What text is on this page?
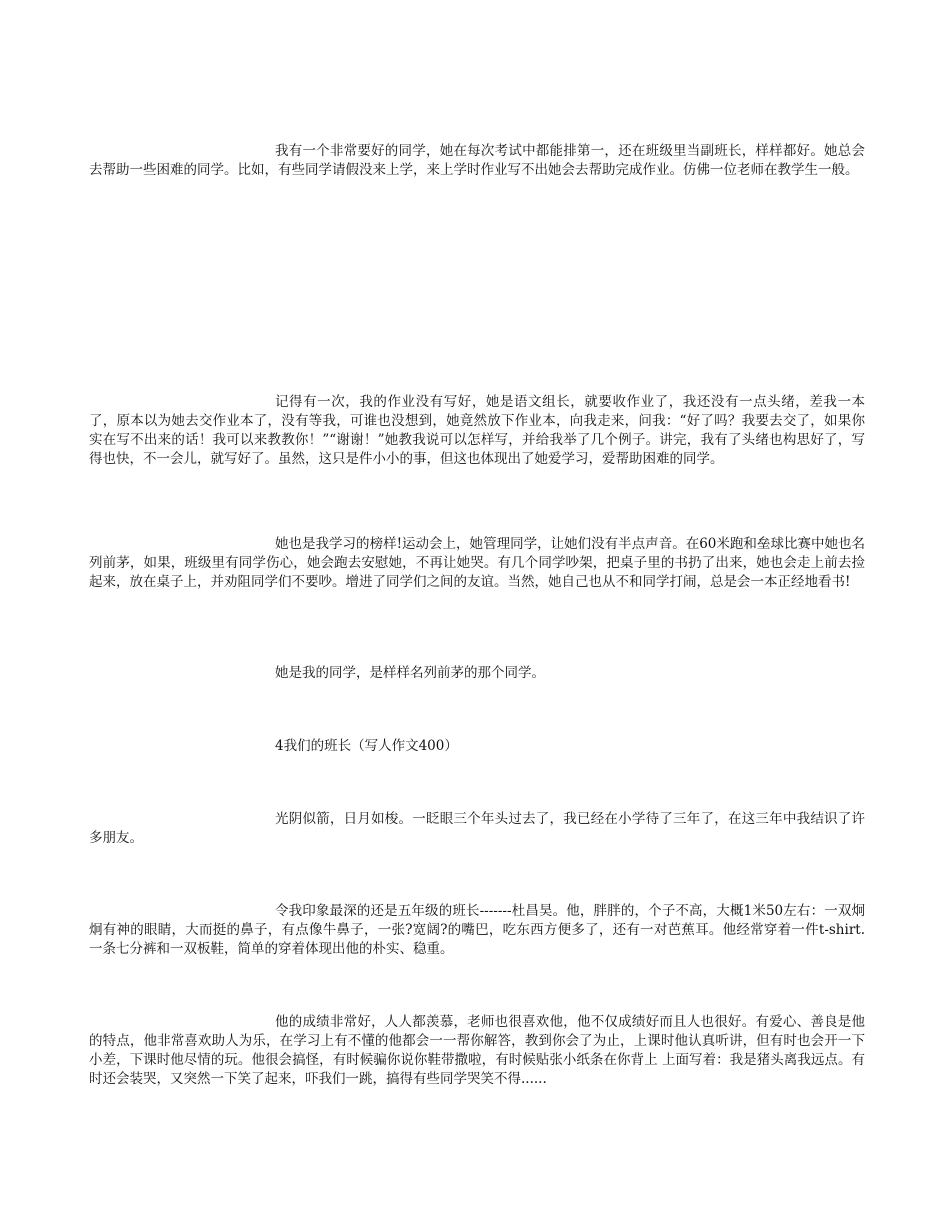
我有一个非常要好的同学，她在每次考试中都能排第一，还在班级里当副班长，样样都好。她总会去帮助一些困难的同学。比如，有些同学请假没来上学，来上学时作业写不出她会去帮助完成作业。仿佛一位老师在教学生一般。

记得有一次，我的作业没有写好，她是语文组长，就要收作业了，我还没有一点头绪，差我一本了，原本以为她去交作业本了，没有等我，可谁也没想到，她竟然放下作业本，向我走来，问我：“好了吗？我要去交了，如果你实在写不出来的话！我可以来教教你！”“谢谢！”她教我说可以怎样写，并给我举了几个例子。讲完，我有了头绪也构思好了，写得也快，不一会儿，就写好了。虽然，这只是件小小的事，但这也体现出了她爱学习，爱帮助困难的同学。

她也是我学习的榜样!运动会上，她管理同学，让她们没有半点声音。在60米跑和垒球比赛中她也名列前茅，如果，班级里有同学伤心，她会跑去安慰她，不再让她哭。有几个同学吵架，把桌子里的书扔了出来，她也会走上前去捡起来，放在桌子上，并劝阻同学们不要吵。增进了同学们之间的友谊。当然，她自己也从不和同学打闹，总是会一本正经地看书!

她是我的同学，是样样名列前茅的那个同学。

4我们的班长（写人作文400）

光阴似箭，日月如梭。一眨眼三个年头过去了，我已经在小学待了三年了，在这三年中我结识了许多朋友。

令我印象最深的还是五年级的班长-------杜昌昊。他，胖胖的，个子不高，大概1米50左右：一双炯炯有神的眼睛，大而挺的鼻子，有点像牛鼻子，一张?宽阔?的嘴巴，吃东西方便多了，还有一对芭蕉耳。他经常穿着一件t-shirt.一条七分裤和一双板鞋，简单的穿着体现出他的朴实、稳重。

他的成绩非常好，人人都羡慕，老师也很喜欢他，他不仅成绩好而且人也很好。有爱心、善良是他的特点，他非常喜欢助人为乐，在学习上有不懂的他都会一一帮你解答，教到你会了为止，上课时他认真听讲，但有时也会开一下小差，下课时他尽情的玩。他很会搞怪，有时候骗你说你鞋带撒啦，有时候贴张小纸条在你背上 上面写着：我是猪头离我远点。有时还会装哭，又突然一下笑了起来，吓我们一跳，搞得有些同学哭笑不得......
